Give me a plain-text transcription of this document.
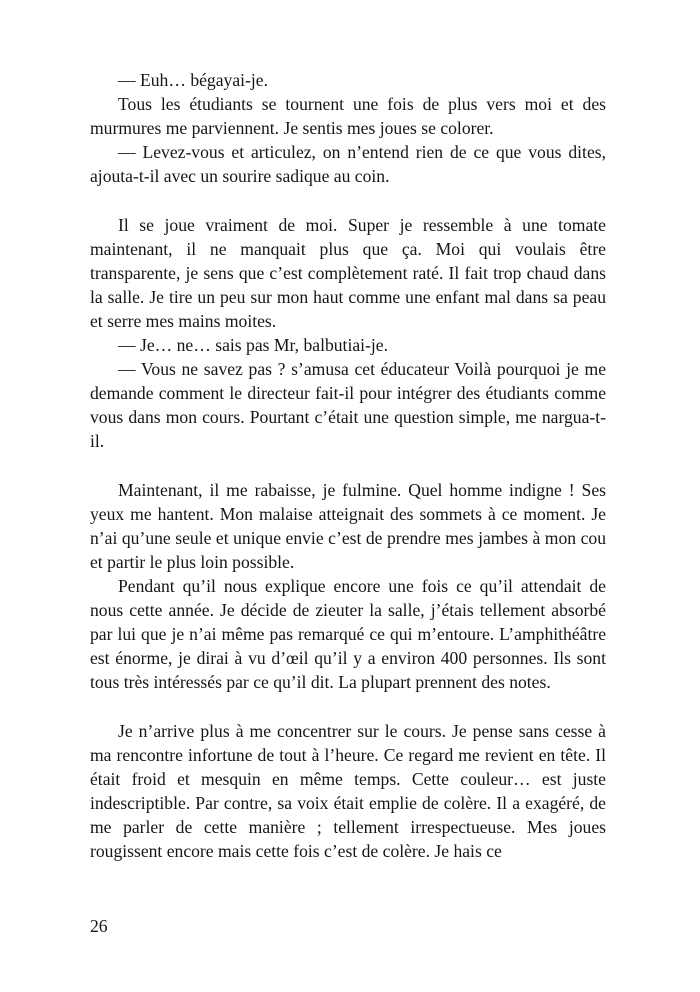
— Euh… bégayai-je.

Tous les étudiants se tournent une fois de plus vers moi et des murmures me parviennent. Je sentis mes joues se colorer.

— Levez-vous et articulez, on n’entend rien de ce que vous dites, ajouta-t-il avec un sourire sadique au coin.

Il se joue vraiment de moi. Super je ressemble à une tomate maintenant, il ne manquait plus que ça. Moi qui voulais être transparente, je sens que c’est complètement raté. Il fait trop chaud dans la salle. Je tire un peu sur mon haut comme une enfant mal dans sa peau et serre mes mains moites.

— Je… ne… sais pas Mr, balbutiai-je.

— Vous ne savez pas ? s’amusa cet éducateur Voilà pourquoi je me demande comment le directeur fait-il pour intégrer des étudiants comme vous dans mon cours. Pourtant c’était une question simple, me nargua-t-il.

Maintenant, il me rabaisse, je fulmine. Quel homme indigne ! Ses yeux me hantent. Mon malaise atteignait des sommets à ce moment. Je n’ai qu’une seule et unique envie c’est de prendre mes jambes à mon cou et partir le plus loin possible.

Pendant qu’il nous explique encore une fois ce qu’il attendait de nous cette année. Je décide de zieuter la salle, j’étais tellement absorbé par lui que je n’ai même pas remarqué ce qui m’entoure. L’amphithéâtre est énorme, je dirai à vu d’œil qu’il y a environ 400 personnes. Ils sont tous très intéressés par ce qu’il dit. La plupart prennent des notes.

Je n’arrive plus à me concentrer sur le cours. Je pense sans cesse à ma rencontre infortune de tout à l’heure. Ce regard me revient en tête. Il était froid et mesquin en même temps. Cette couleur… est juste indescriptible. Par contre, sa voix était emplie de colère. Il a exagéré, de me parler de cette manière ; tellement irrespectueuse. Mes joues rougissent encore mais cette fois c’est de colère. Je hais ce

26
